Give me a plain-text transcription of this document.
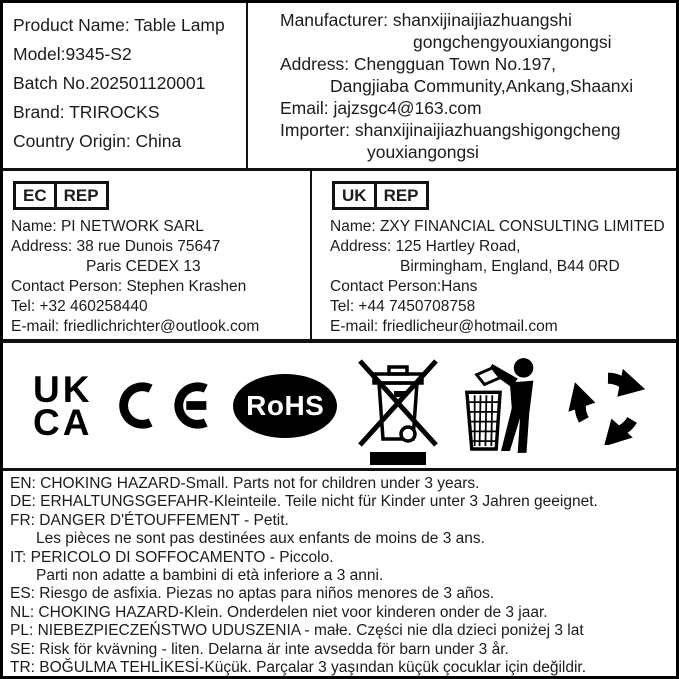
Product Name: Table Lamp
Model:9345-S2
Batch No.202501120001
Brand: TRIROCKS
Country Origin: China
Manufacturer: shanxijinaijiazhuangshi
gongchengyouxiangongsi
Address: Chengguan Town No.197,
Dangjiaba Community,Ankang,Shaanxi
Email: jajzsgc4@163.com
Importer: shanxijinaijiazhuangshigongcheng
youxiangongsi
EC	REP
Name: PI NETWORK SARL
Address: 38 rue Dunois 75647
Paris CEDEX 13
Contact Person: Stephen Krashen
Tel: +32 460258440
E-mail: friedlichrichter@outlook.com
UK	REP
Name: ZXY FINANCIAL CONSULTING LIMITED
Address: 125 Hartley Road,
Birmingham, England, B44 0RD
Contact Person:Hans
Tel: +44 7450708758
E-mail: friedlicheur@hotmail.com
UK
CA	RoHS
EN: CHOKING HAZARD-Small. Parts not for children under 3 years.
DE: ERHALTUNGSGEFAHR-Kleinteile. Teile nicht für Kinder unter 3 Jahren geeignet.
FR: DANGER D'ÉTOUFFEMENT - Petit.
Les pièces ne sont pas destinées aux enfants de moins de 3 ans.
IT: PERICOLO DI SOFFOCAMENTO - Piccolo.
Parti non adatte a bambini di età inferiore a 3 anni.
ES: Riesgo de asfixia. Piezas no aptas para niños menores de 3 años.
NL: CHOKING HAZARD-Klein. Onderdelen niet voor kinderen onder de 3 jaar.
PL: NIEBEZPIECZEŃSTWO UDUSZENIA - małe. Części nie dla dzieci poniżej 3 lat
SE: Risk för kvävning - liten. Delarna är inte avsedda för barn under 3 år.
TR: BOĞULMA TEHLİKESİ-Küçük. Parçalar 3 yaşından küçük çocuklar için değildir.
